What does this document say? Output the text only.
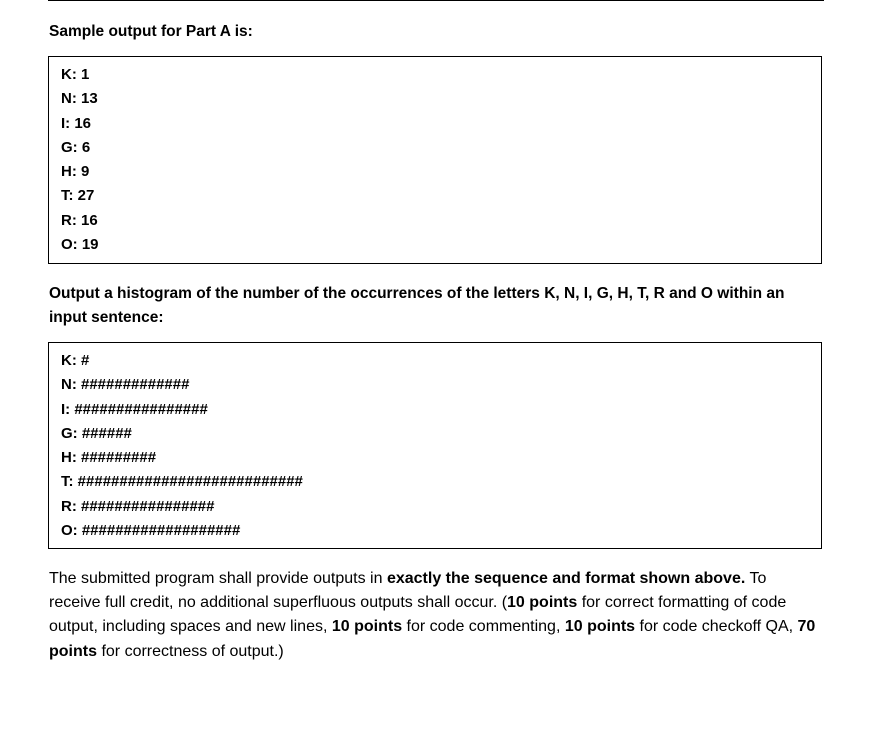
Sample output for Part A is:
K: 1
N: 13
I: 16
G: 6
H: 9
T: 27
R: 16
O: 19
Output a histogram of the number of the occurrences of the letters K, N, I, G, H, T, R and O within an input sentence:
K: #
N: #############
I: ################
G: ######
H: #########
T: ###########################
R: ################
O: ###################
The submitted program shall provide outputs in exactly the sequence and format shown above. To receive full credit, no additional superfluous outputs shall occur. (10 points for correct formatting of code output, including spaces and new lines, 10 points for code commenting, 10 points for code checkoff QA, 70 points for correctness of output.)
